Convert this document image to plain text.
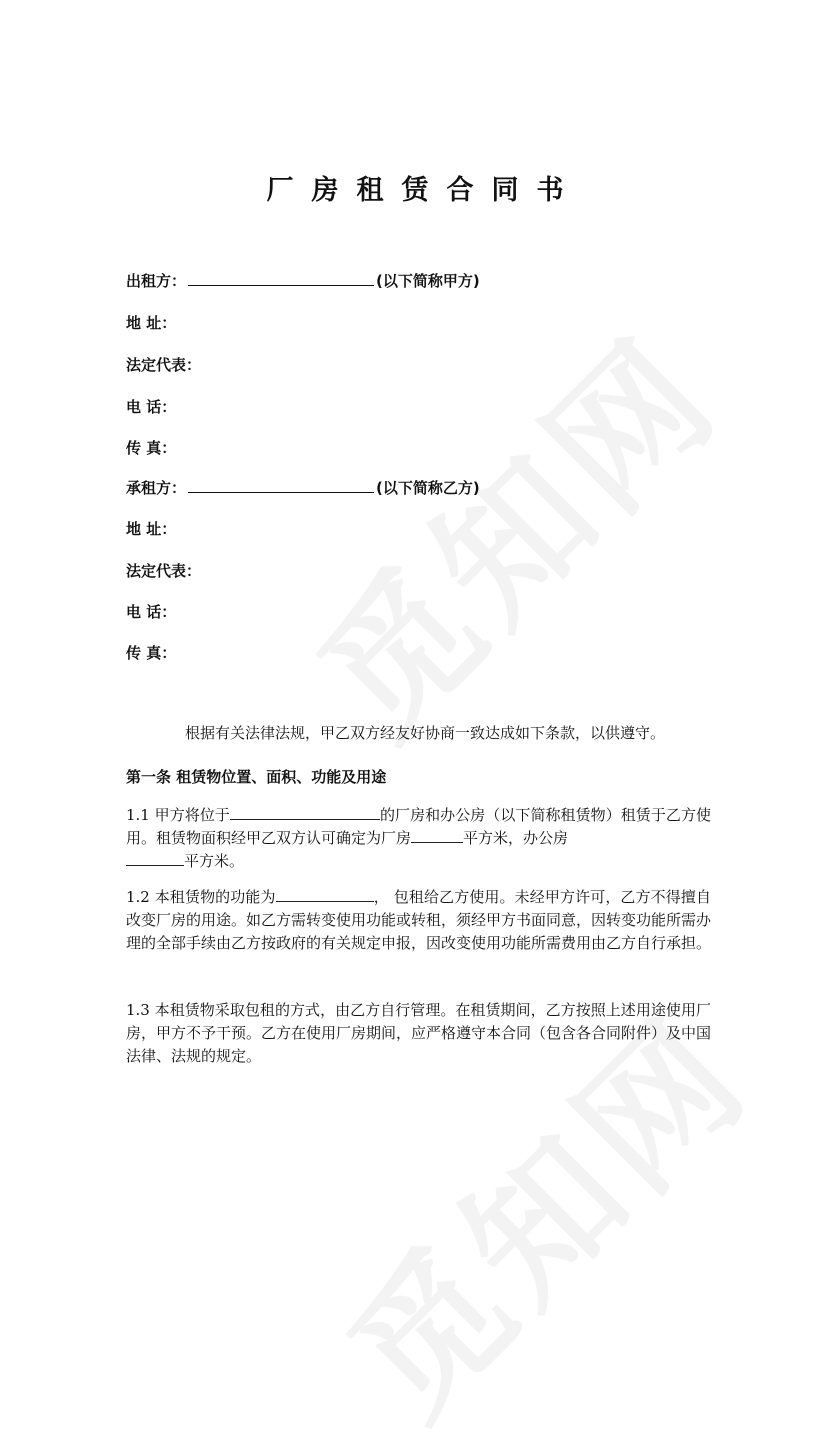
厂房租赁合同书
出租方：	(以下简称甲方)
地 址：
法定代表：
电 话：
传 真：
承租方：	(以下简称乙方)
地 址：
法定代表：
电 话：
传 真：
根据有关法律法规，甲乙双方经友好协商一致达成如下条款，以供遵守。
第一条 租赁物位置、面积、功能及用途
1.1 甲方将位于	的厂房和办公房（以下简称租赁物）租赁于乙方使用。租赁物面积经甲乙双方认可确定为厂房	平方米，办公房
平方米。
1.2 本租赁物的功能为	， 包租给乙方使用。未经甲方许可，乙方不得擅自改变厂房的用途。如乙方需转变使用功能或转租，须经甲方书面同意，因转变功能所需办理的全部手续由乙方按政府的有关规定申报，因改变使用功能所需费用由乙方自行承担。
1.3 本租赁物采取包租的方式，由乙方自行管理。在租赁期间，乙方按照上述用途使用厂房，甲方不予干预。乙方在使用厂房期间，应严格遵守本合同（包含各合同附件）及中国法律、法规的规定。
